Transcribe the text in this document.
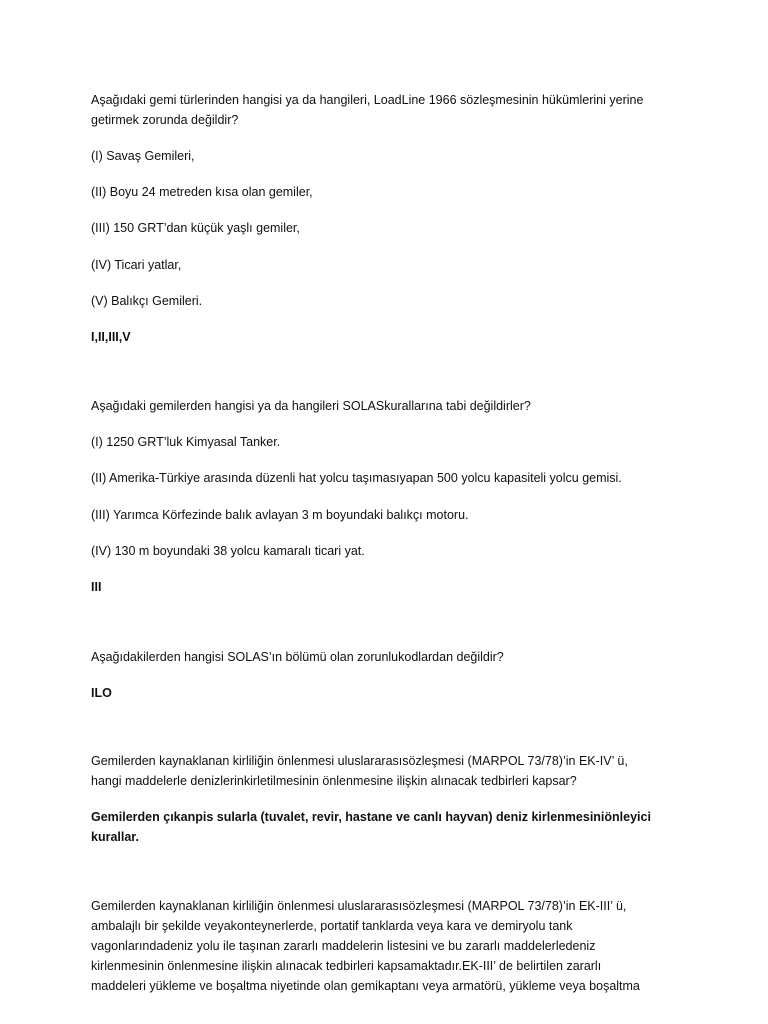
Aşağıdaki gemi türlerinden hangisi ya da hangileri, LoadLine 1966 sözleşmesinin hükümlerini yerine

getirmek zorunda değildir?

(I) Savaş Gemileri,

(II) Boyu 24 metreden kısa olan gemiler,

(III) 150 GRT’dan küçük yaşlı gemiler,

(IV) Ticari yatlar,

(V) Balıkçı Gemileri.

I,II,III,V

Aşağıdaki gemilerden hangisi ya da hangileri SOLASkurallarına tabi değildirler?

(I) 1250 GRT’luk Kimyasal Tanker.

(II) Amerika-Türkiye arasında düzenli hat yolcu taşımasıyapan 500 yolcu kapasiteli yolcu gemisi.

(III) Yarımca Körfezinde balık avlayan 3 m boyundaki balıkçı motoru.

(IV) 130 m boyundaki 38 yolcu kamaralı ticari yat.

III

Aşağıdakilerden hangisi SOLAS’ın bölümü olan zorunlukodlardan değildir?

ILO

Gemilerden kaynaklanan kirliliğin önlenmesi uluslararasısözleşmesi (MARPOL 73/78)’in EK-IV’ ü,

hangi maddelerle denizlerinkirletilmesinin önlenmesine ilişkin alınacak tedbirleri kapsar?

Gemilerden çıkanpis sularla (tuvalet, revir, hastane ve canlı hayvan) deniz kirlenmesiniönleyici

kurallar.

Gemilerden kaynaklanan kirliliğin önlenmesi uluslararasısözleşmesi (MARPOL 73/78)’in EK-III’ ü,

ambalajlı bir şekilde veyakonteynerlerde, portatif tanklarda veya kara ve demiryolu tank

vagonlarındadeniz yolu ile taşınan zararlı maddelerin listesini ve bu zararlı maddelerledeniz

kirlenmesinin önlenmesine ilişkin alınacak tedbirleri kapsamaktadır.EK-III’ de belirtilen zararlı

maddeleri yükleme ve boşaltma niyetinde olan gemikaptanı veya armatörü, yükleme veya boşaltma
